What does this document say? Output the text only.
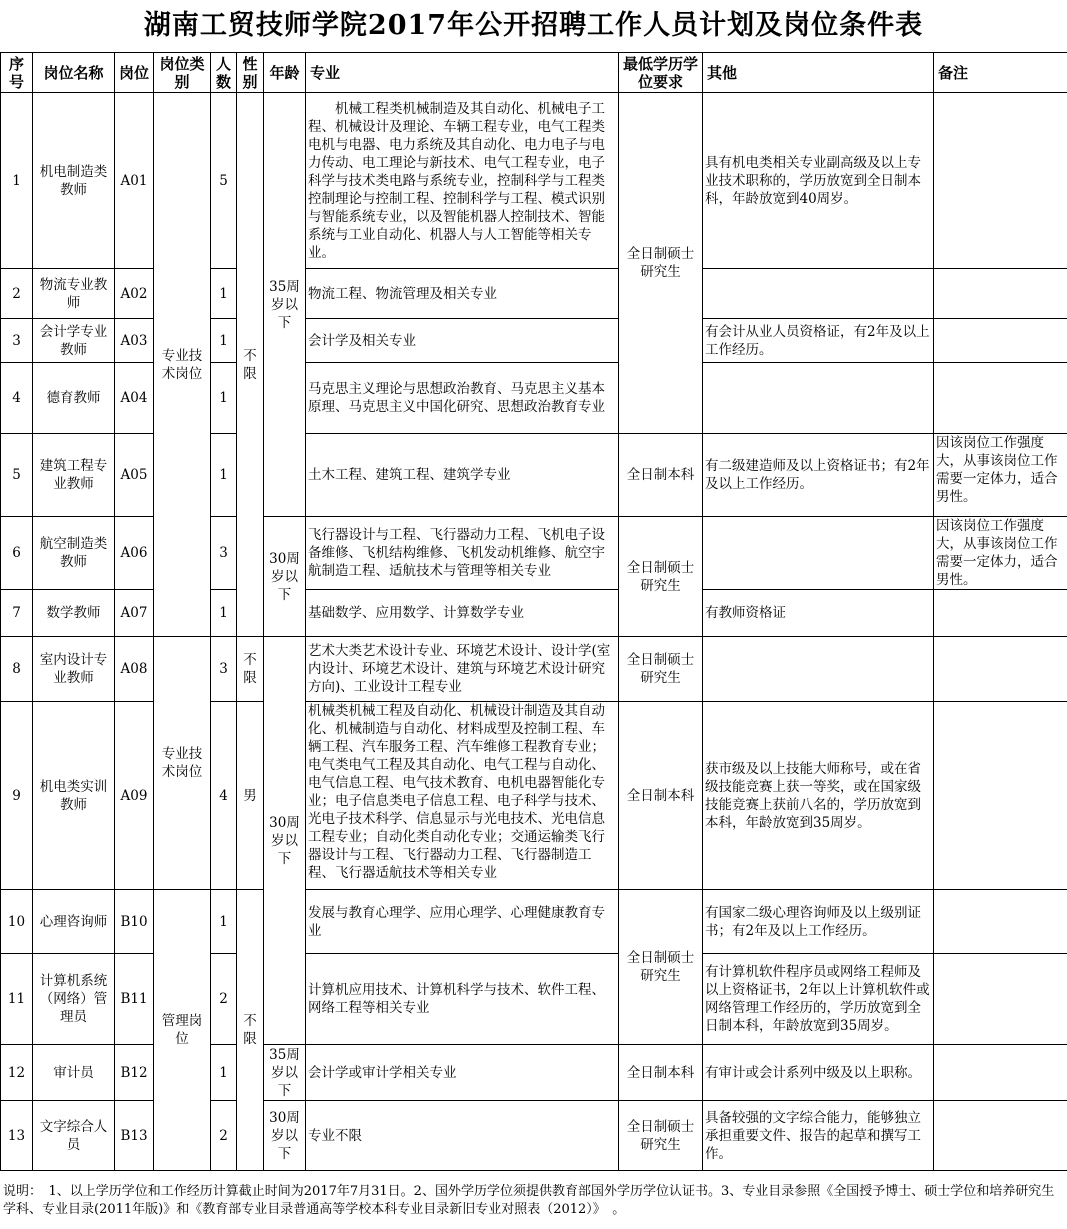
湖南工贸技师学院2017年公开招聘工作人员计划及岗位条件表
序号	岗位名称	岗位	岗位类别	人数	性别	年龄	专业	最低学历学位要求	其他	备注
1	机电制造类教师	A01	专业技术岗位	5	不限	35周岁以下	机械工程类机械制造及其自动化、机械电子工程、机械设计及理论、车辆工程专业，电气工程类电机与电器、电力系统及其自动化、电力电子与电力传动、电工理论与新技术、电气工程专业，电子科学与技术类电路与系统专业，控制科学与工程类控制理论与控制工程、控制科学与工程、模式识别与智能系统专业，以及智能机器人控制技术、智能系统与工业自动化、机器人与人工智能等相关专业。	全日制硕士研究生	具有机电类相关专业副高级及以上专业技术职称的，学历放宽到全日制本科，年龄放宽到40周岁。	
2	物流专业教师	A02		1			物流工程、物流管理及相关专业			
3	会计学专业教师	A03		1			会计学及相关专业		有会计从业人员资格证，有2年及以上工作经历。	
4	德育教师	A04		1			马克思主义理论与思想政治教育、马克思主义基本原理、马克思主义中国化研究、思想政治教育专业			
5	建筑工程专业教师	A05		1			土木工程、建筑工程、建筑学专业	全日制本科	有二级建造师及以上资格证书；有2年及以上工作经历。	因该岗位工作强度大，从事该岗位工作需要一定体力，适合男性。
6	航空制造类教师	A06		3		30周岁以下	飞行器设计与工程、飞行器动力工程、飞机电子设备维修、飞机结构维修、飞机发动机维修、航空宇航制造工程、适航技术与管理等相关专业	全日制硕士研究生		因该岗位工作强度大，从事该岗位工作需要一定体力，适合男性。
7	数学教师	A07		1			基础数学、应用数学、计算数学专业		有教师资格证	
8	室内设计专业教师	A08	专业技术岗位	3	不限	30周岁以下	艺术大类艺术设计专业、环境艺术设计、设计学(室内设计、环境艺术设计、建筑与环境艺术设计研究方向)、工业设计工程专业	全日制硕士研究生		
9	机电类实训教师	A09		4	男		机械类机械工程及自动化、机械设计制造及其自动化、机械制造与自动化、材料成型及控制工程、车辆工程、汽车服务工程、汽车维修工程教育专业；电气类电气工程及其自动化、电气工程与自动化、电气信息工程、电气技术教育、电机电器智能化专业；电子信息类电子信息工程、电子科学与技术、光电子技术科学、信息显示与光电技术、光电信息工程专业；自动化类自动化专业；交通运输类飞行器设计与工程、飞行器动力工程、飞行器制造工程、飞行器适航技术等相关专业	全日制本科	获市级及以上技能大师称号，或在省级技能竞赛上获一等奖，或在国家级技能竞赛上获前八名的，学历放宽到本科，年龄放宽到35周岁。	
10	心理咨询师	B10	管理岗位	1	不限		发展与教育心理学、应用心理学、心理健康教育专业	全日制硕士研究生	有国家二级心理咨询师及以上级别证书；有2年及以上工作经历。	
11	计算机系统（网络）管理员	B11		2			计算机应用技术、计算机科学与技术、软件工程、网络工程等相关专业		有计算机软件程序员或网络工程师及以上资格证书，2年以上计算机软件或网络管理工作经历的，学历放宽到全日制本科，年龄放宽到35周岁。	
12	审计员	B12		1		35周岁以下	会计学或审计学相关专业	全日制本科	有审计或会计系列中级及以上职称。	
13	文字综合人员	B13		2		30周岁以下	专业不限	全日制硕士研究生	具备较强的文字综合能力，能够独立承担重要文件、报告的起草和撰写工作。	
说明：　1、以上学历学位和工作经历计算截止时间为2017年7月31日。2、国外学历学位须提供教育部国外学历学位认证书。3、专业目录参照《全国授予博士、硕士学位和培养研究生学科、专业目录(2011年版)》和《教育部专业目录普通高等学校本科专业目录新旧专业对照表（2012）》　。
